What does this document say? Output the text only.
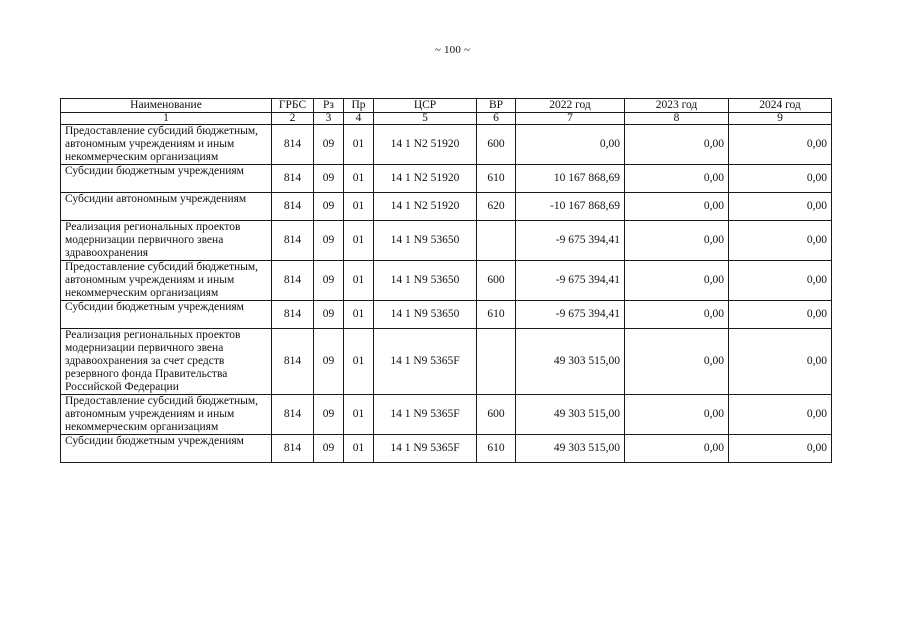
~ 100 ~
Наименование	ГРБС	Рз	Пр	ЦСР	ВР	2022 год	2023 год	2024 год
1	2	3	4	5	6	7	8	9
Предоставление субсидий бюджетным, автономным учреждениям и иным некоммерческим организациям	814	09	01	14 1 N2 51920	600	0,00	0,00	0,00
Субсидии бюджетным учреждениям	814	09	01	14 1 N2 51920	610	10 167 868,69	0,00	0,00
Субсидии автономным учреждениям	814	09	01	14 1 N2 51920	620	-10 167 868,69	0,00	0,00
Реализация региональных проектов модернизации первичного звена здравоохранения	814	09	01	14 1 N9 53650		-9 675 394,41	0,00	0,00
Предоставление субсидий бюджетным, автономным учреждениям и иным некоммерческим организациям	814	09	01	14 1 N9 53650	600	-9 675 394,41	0,00	0,00
Субсидии бюджетным учреждениям	814	09	01	14 1 N9 53650	610	-9 675 394,41	0,00	0,00
Реализация региональных проектов модернизации первичного звена здравоохранения за счет средств резервного фонда Правительства Российской Федерации	814	09	01	14 1 N9 5365F		49 303 515,00	0,00	0,00
Предоставление субсидий бюджетным, автономным учреждениям и иным некоммерческим организациям	814	09	01	14 1 N9 5365F	600	49 303 515,00	0,00	0,00
Субсидии бюджетным учреждениям	814	09	01	14 1 N9 5365F	610	49 303 515,00	0,00	0,00
